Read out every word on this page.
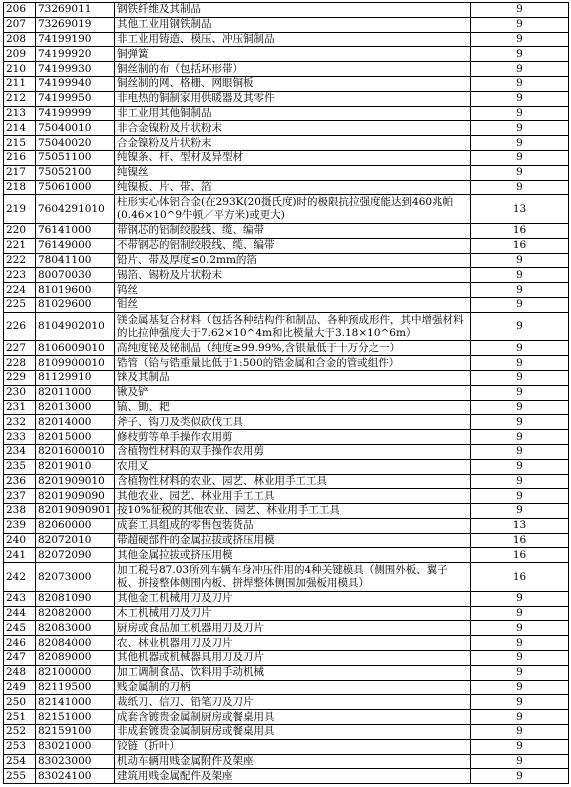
206	73269011	钢铁纤维及其制品	9
207	73269019	其他工业用钢铁制品	9
208	74199190	非工业用铸造、模压、冲压铜制品	9
209	74199920	铜弹簧	9
210	74199930	铜丝制的布（包括环形带）	9
211	74199940	铜丝制的网、格栅、网眼铜板	9
212	74199950	非电热的铜制家用供暖器及其零件	9
213	74199999	非工业用其他铜制品	9
214	75040010	非合金镍粉及片状粉末	9
215	75040020	合金镍粉及片状粉末	9
216	75051100	纯镍条、杆、型材及异型材	9
217	75052100	纯镍丝	9
218	75061000	纯镍板、片、带、箔	9
219	7604291010	柱形实心体铝合金(在293K(20摄氏度)时的极限抗拉强度能达到460兆帕(0.46×10^9牛顿／平方米)或更大)	13
220	76141000	带钢芯的铝制绞股线、缆、编带	16
221	76149000	不带钢芯的铝制绞股线、缆、编带	16
222	78041100	铅片、带及厚度≤0.2mm的箔	9
223	80070030	锡箔、锡粉及片状粉末	9
224	81019600	钨丝	9
225	81029600	钼丝	9
226	8104902010	镁金属基复合材料（包括各种结构件和制品、各种预成形件，其中增强材料的比拉伸强度大于7.62×10^4m和比模量大于3.18×10^6m）	9
227	8106009010	高纯度铋及铋制品（纯度≥99.99%,含银量低于十万分之一）	9
228	8109900010	锆管（铪与锆重量比低于1:500的锆金属和合金的管或组件）	9
229	81129910	铼及其制品	9
230	82011000	锹及铲	9
231	82013000	镐、锄、耙	9
232	82014000	斧子、钩刀及类似砍伐工具	9
233	82015000	修枝剪等单手操作农用剪	9
234	8201600010	含植物性材料的双手操作农用剪	9
235	82019010	农用叉	9
236	8201909010	含植物性材料的农业、园艺、林业用手工工具	9
237	8201909090	其他农业、园艺、林业用手工工具	9
238	82019090901	按10%征税的其他农业、园艺、林业用手工工具	9
239	82060000	成套工具组成的零售包装货品	13
240	82072010	带超硬部件的金属拉拔或挤压用模	16
241	82072090	其他金属拉拔或挤压用模	16
242	82073000	加工税号87.03所列车辆车身冲压件用的4种关键模具（侧围外板、翼子板、拼接整体侧围内板、拼焊整体侧围加强板用模具）	16
243	82081090	其他金工机械用刀及刀片	9
244	82082000	木工机械用刀及刀片	9
245	82083000	厨房或食品加工机器用刀及刀片	9
246	82084000	农、林业机器用刀及刀片	9
247	82089000	其他机器或机械器具用刀及刀片	9
248	82100000	加工调制食品、饮料用手动机械	9
249	82119500	贱金属制的刀柄	9
250	82141000	裁纸刀、信刀、铅笔刀及刀片	9
251	82151000	成套含镀贵金属制厨房或餐桌用具	9
252	82159100	非成套镀贵金属制厨房或餐桌用具	9
253	83021000	铰链（折叶）	9
254	83023000	机动车辆用贱金属附件及架座	9
255	83024100	建筑用贱金属配件及架座	9
